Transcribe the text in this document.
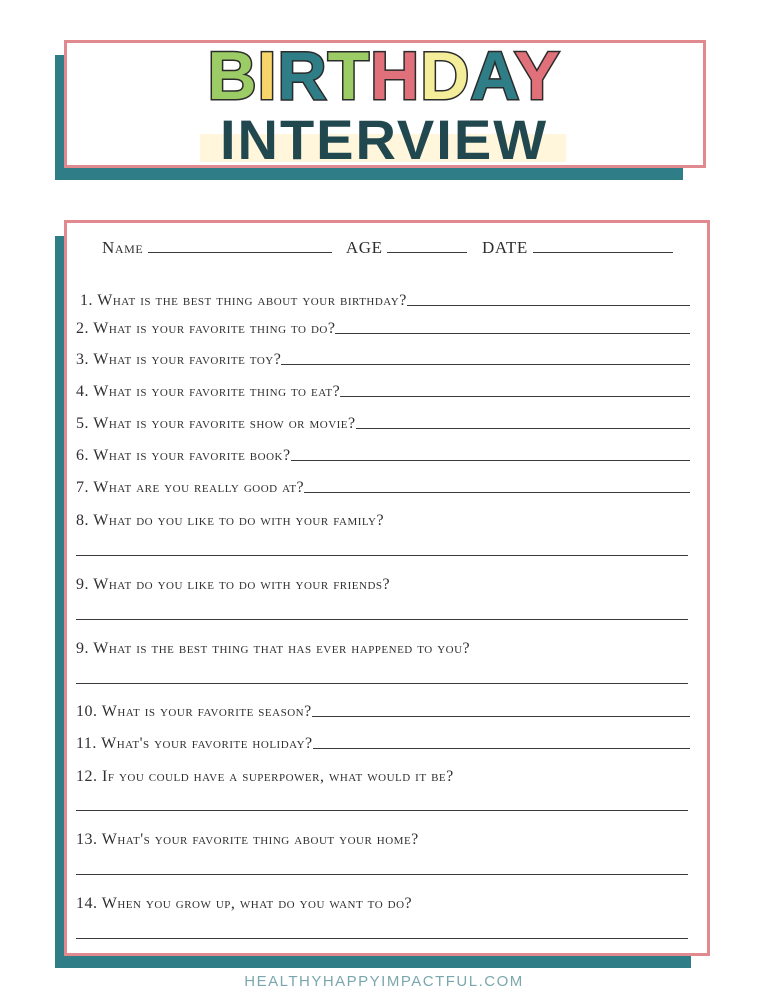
BIRTHDAY
INTERVIEW
Name	AGE	DATE
1. What is the best thing about your birthday?
2. What is your favorite thing to do?
3. What is your favorite toy?
4. What is your favorite thing to eat?
5. What is your favorite show or movie?
6. What is your favorite book?
7. What are you really good at?
8. What do you like to do with your family?
9. What do you like to do with your friends?
9. What is the best thing that has ever happened to you?
10. What is your favorite season?
11. What's your favorite holiday?
12. If you could have a superpower, what would it be?
13. What's your favorite thing about your home?
14. When you grow up, what do you want to do?
HEALTHYHAPPYIMPACTFUL.COM
